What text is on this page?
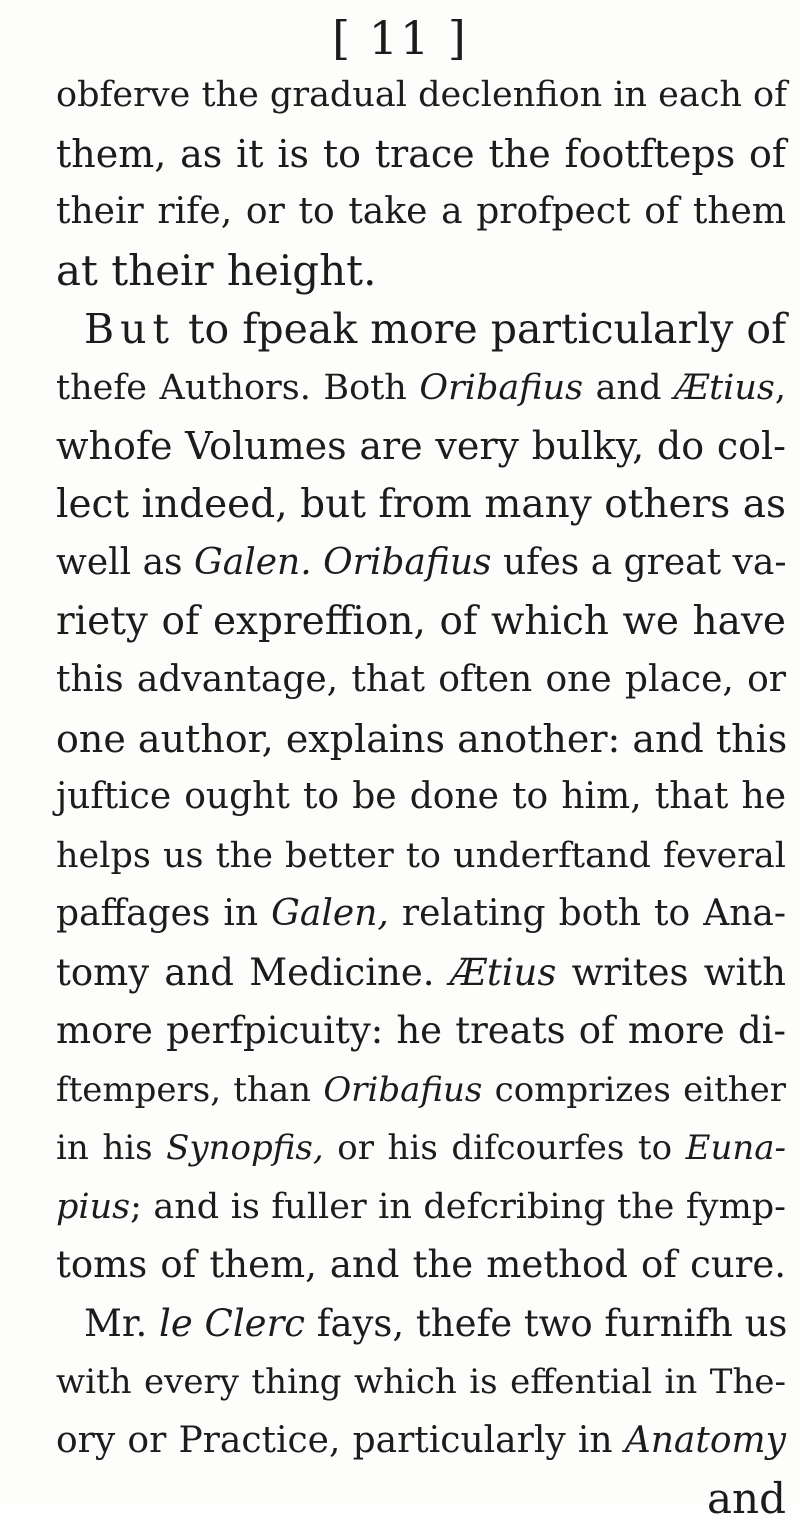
[ 11 ]
obferve the gradual declenfion in each of
them, as it is to trace the footfteps of
their rife, or to take a profpect of them
at their height.
But to fpeak more particularly of
thefe Authors. Both Oribafius and Ætius,
whofe Volumes are very bulky, do col-
lect indeed, but from many others as
well as Galen. Oribafius ufes a great va-
riety of expreffion, of which we have
this advantage, that often one place, or
one author, explains another: and this
juftice ought to be done to him, that he
helps us the better to underftand feveral
paffages in Galen, relating both to Ana-
tomy and Medicine. Ætius writes with
more perfpicuity: he treats of more di-
ftempers, than Oribafius comprizes either
in his Synopfis, or his difcourfes to Euna-
pius; and is fuller in defcribing the fymp-
toms of them, and the method of cure.
Mr. le Clerc fays, thefe two furnifh us
with every thing which is effential in The-
ory or Practice, particularly in Anatomy
and
